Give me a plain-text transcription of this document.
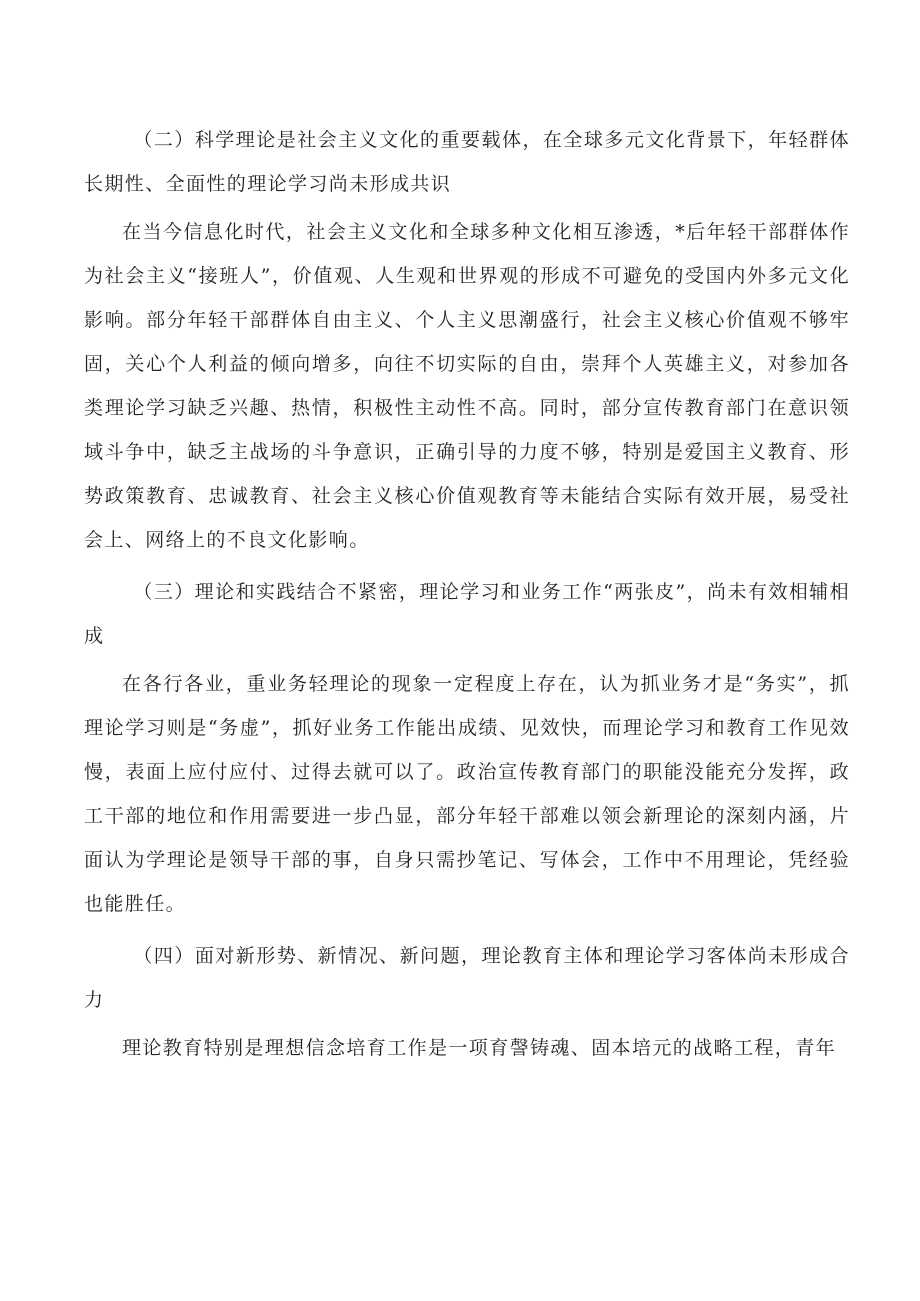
（二）科学理论是社会主义文化的重要载体，在全球多元文化背景下，年轻群体长期性、全面性的理论学习尚未形成共识

在当今信息化时代，社会主义文化和全球多种文化相互渗透，*后年轻干部群体作为社会主义“接班人”，价值观、人生观和世界观的形成不可避免的受国内外多元文化影响。部分年轻干部群体自由主义、个人主义思潮盛行，社会主义核心价值观不够牢固，关心个人利益的倾向增多，向往不切实际的自由，崇拜个人英雄主义，对参加各类理论学习缺乏兴趣、热情，积极性主动性不高。同时，部分宣传教育部门在意识领域斗争中，缺乏主战场的斗争意识，正确引导的力度不够，特别是爱国主义教育、形势政策教育、忠诚教育、社会主义核心价值观教育等未能结合实际有效开展，易受社会上、网络上的不良文化影响。

（三）理论和实践结合不紧密，理论学习和业务工作“两张皮”，尚未有效相辅相成

在各行各业，重业务轻理论的现象一定程度上存在，认为抓业务才是“务实”，抓理论学习则是“务虚”，抓好业务工作能出成绩、见效快，而理论学习和教育工作见效慢，表面上应付应付、过得去就可以了。政治宣传教育部门的职能没能充分发挥，政工干部的地位和作用需要进一步凸显，部分年轻干部难以领会新理论的深刻内涵，片面认为学理论是领导干部的事，自身只需抄笔记、写体会，工作中不用理论，凭经验也能胜任。

（四）面对新形势、新情况、新问题，理论教育主体和理论学习客体尚未形成合力

理论教育特别是理想信念培育工作是一项育謦铸魂、固本培元的战略工程，青年
